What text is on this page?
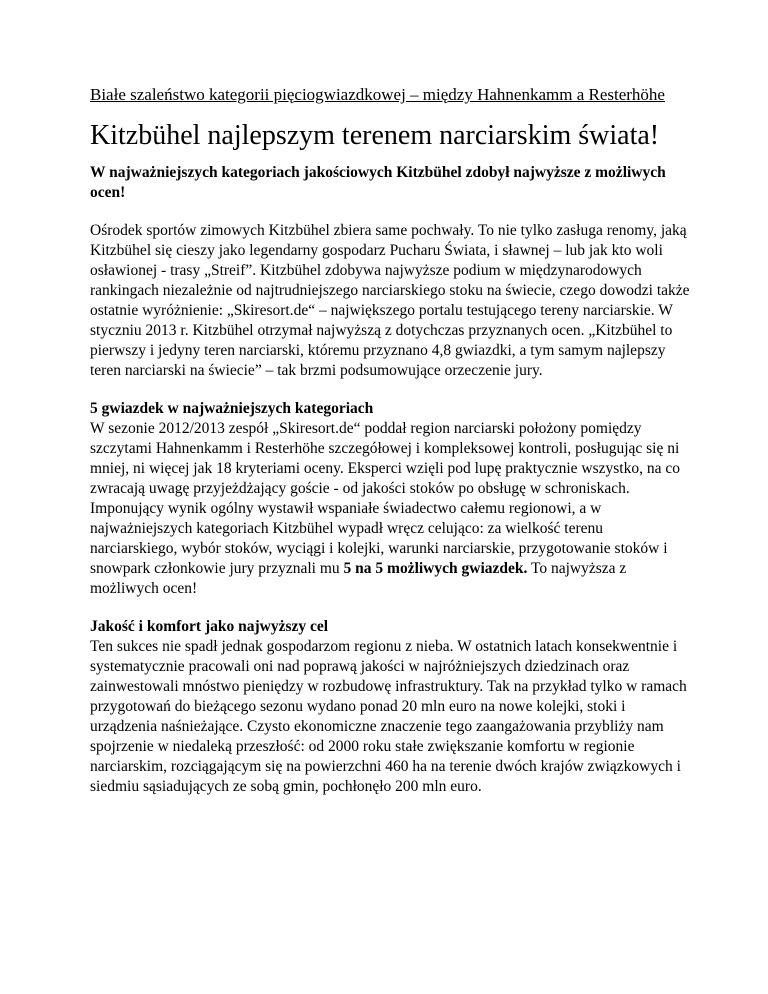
Białe szaleństwo kategorii pięciogwiazdkowej – między Hahnenkamm a Resterhöhe

Kitzbühel najlepszym terenem narciarskim świata!

W najważniejszych kategoriach jakościowych Kitzbühel zdobył najwyższe z możliwych ocen!

Ośrodek sportów zimowych Kitzbühel zbiera same pochwały. To nie tylko zasługa renomy, jaką Kitzbühel się cieszy jako legendarny gospodarz Pucharu Świata, i sławnej – lub jak kto woli osławionej - trasy „Streif”. Kitzbühel zdobywa najwyższe podium w międzynarodowych rankingach niezależnie od najtrudniejszego narciarskiego stoku na świecie, czego dowodzi także ostatnie wyróżnienie: „Skiresort.de“ – największego portalu testującego tereny narciarskie. W styczniu 2013 r. Kitzbühel otrzymał najwyższą z dotychczas przyznanych ocen. „Kitzbühel to pierwszy i jedyny teren narciarski, któremu przyznano 4,8 gwiazdki, a tym samym najlepszy teren narciarski na świecie” – tak brzmi podsumowujące orzeczenie jury.

5 gwiazdek w najważniejszych kategoriach

W sezonie 2012/2013 zespół „Skiresort.de“ poddał region narciarski położony pomiędzy szczytami Hahnenkamm i Resterhöhe szczegółowej i kompleksowej kontroli, posługując się ni mniej, ni więcej jak 18 kryteriami oceny. Eksperci wzięli pod lupę praktycznie wszystko, na co zwracają uwagę przyjeżdżający goście - od jakości stoków po obsługę w schroniskach. Imponujący wynik ogólny wystawił wspaniałe świadectwo całemu regionowi, a w najważniejszych kategoriach Kitzbühel wypadł wręcz celująco: za wielkość terenu narciarskiego, wybór stoków, wyciągi i kolejki, warunki narciarskie, przygotowanie stoków i snowpark członkowie jury przyznali mu 5 na 5 możliwych gwiazdek. To najwyższa z możliwych ocen!

Jakość i komfort jako najwyższy cel

Ten sukces nie spadł jednak gospodarzom regionu z nieba. W ostatnich latach konsekwentnie i systematycznie pracowali oni nad poprawą jakości w najróżniejszych dziedzinach oraz zainwestowali mnóstwo pieniędzy w rozbudowę infrastruktury. Tak na przykład tylko w ramach przygotowań do bieżącego sezonu wydano ponad 20 mln euro na nowe kolejki, stoki i urządzenia naśnieżające. Czysto ekonomiczne znaczenie tego zaangażowania przybliży nam spojrzenie w niedaleką przeszłość: od 2000 roku stałe zwiększanie komfortu w regionie narciarskim, rozciągającym się na powierzchni 460 ha na terenie dwóch krajów związkowych i siedmiu sąsiadujących ze sobą gmin, pochłonęło 200 mln euro.
